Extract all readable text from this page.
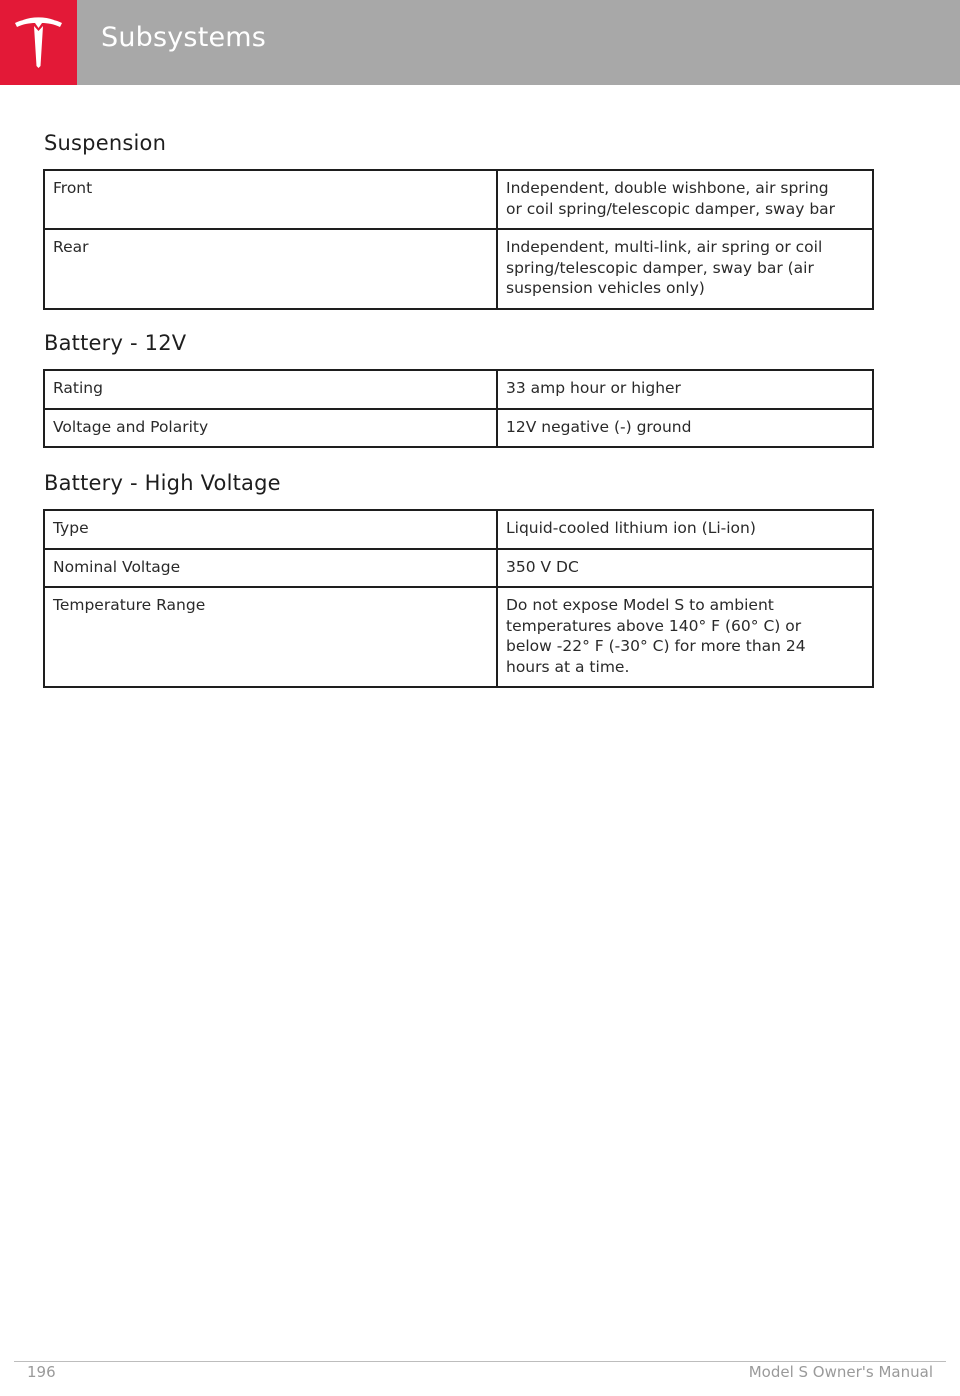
Subsystems
Suspension
Front	Independent, double wishbone, air spring
or coil spring/telescopic damper, sway bar
Rear	Independent, multi-link, air spring or coil
spring/telescopic damper, sway bar (air
suspension vehicles only)
Battery - 12V
Rating	33 amp hour or higher
Voltage and Polarity	12V negative (-) ground
Battery - High Voltage
Type	Liquid-cooled lithium ion (Li-ion)
Nominal Voltage	350 V DC
Temperature Range	Do not expose Model S to ambient
temperatures above 140° F (60° C) or
below -22° F (-30° C) for more than 24
hours at a time.
196	Model S Owner's Manual
